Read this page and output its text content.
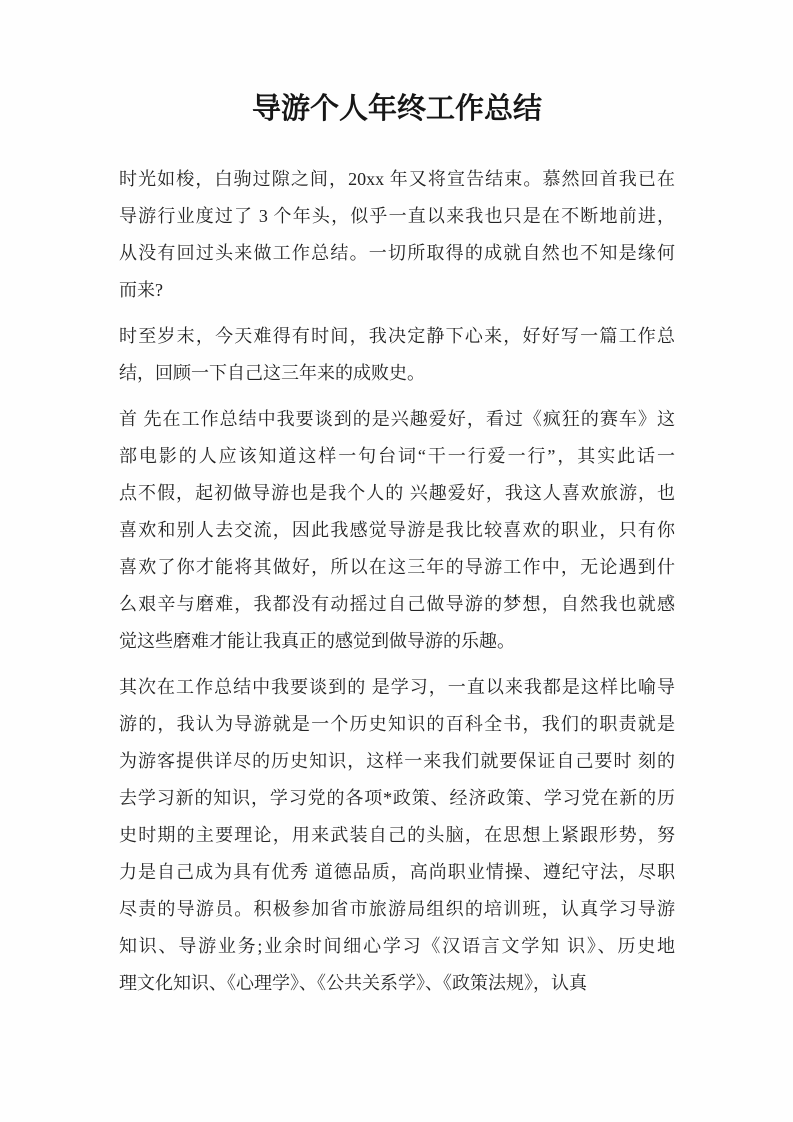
导游个人年终工作总结
时光如梭，白驹过隙之间，20xx 年又将宣告结束。慕然回首我已在
导游行业度过了 3 个年头，似乎一直以来我也只是在不断地前进，
从没有回过头来做工作总结。一切所取得的成就自然也不知是缘何
而来?
时至岁末，今天难得有时间，我决定静下心来，好好写一篇工作总
结，回顾一下自己这三年来的成败史。
首 先在工作总结中我要谈到的是兴趣爱好，看过《疯狂的赛车》这
部电影的人应该知道这样一句台词“干一行爱一行”，其实此话一
点不假，起初做导游也是我个人的 兴趣爱好，我这人喜欢旅游，也
喜欢和别人去交流，因此我感觉导游是我比较喜欢的职业，只有你
喜欢了你才能将其做好，所以在这三年的导游工作中，无论遇到什
么艰辛与磨难，我都没有动摇过自己做导游的梦想，自然我也就感
觉这些磨难才能让我真正的感觉到做导游的乐趣。
其次在工作总结中我要谈到的 是学习，一直以来我都是这样比喻导
游的，我认为导游就是一个历史知识的百科全书，我们的职责就是
为游客提供详尽的历史知识，这样一来我们就要保证自己要时 刻的
去学习新的知识，学习党的各项*政策、经济政策、学习党在新的历
史时期的主要理论，用来武装自己的头脑，在思想上紧跟形势，努
力是自己成为具有优秀 道德品质，高尚职业情操、遵纪守法，尽职
尽责的导游员。积极参加省市旅游局组织的培训班，认真学习导游
知识、导游业务;业余时间细心学习《汉语言文学知 识》、历史地
理文化知识、《心理学》、《公共关系学》、《政策法规》，认真
